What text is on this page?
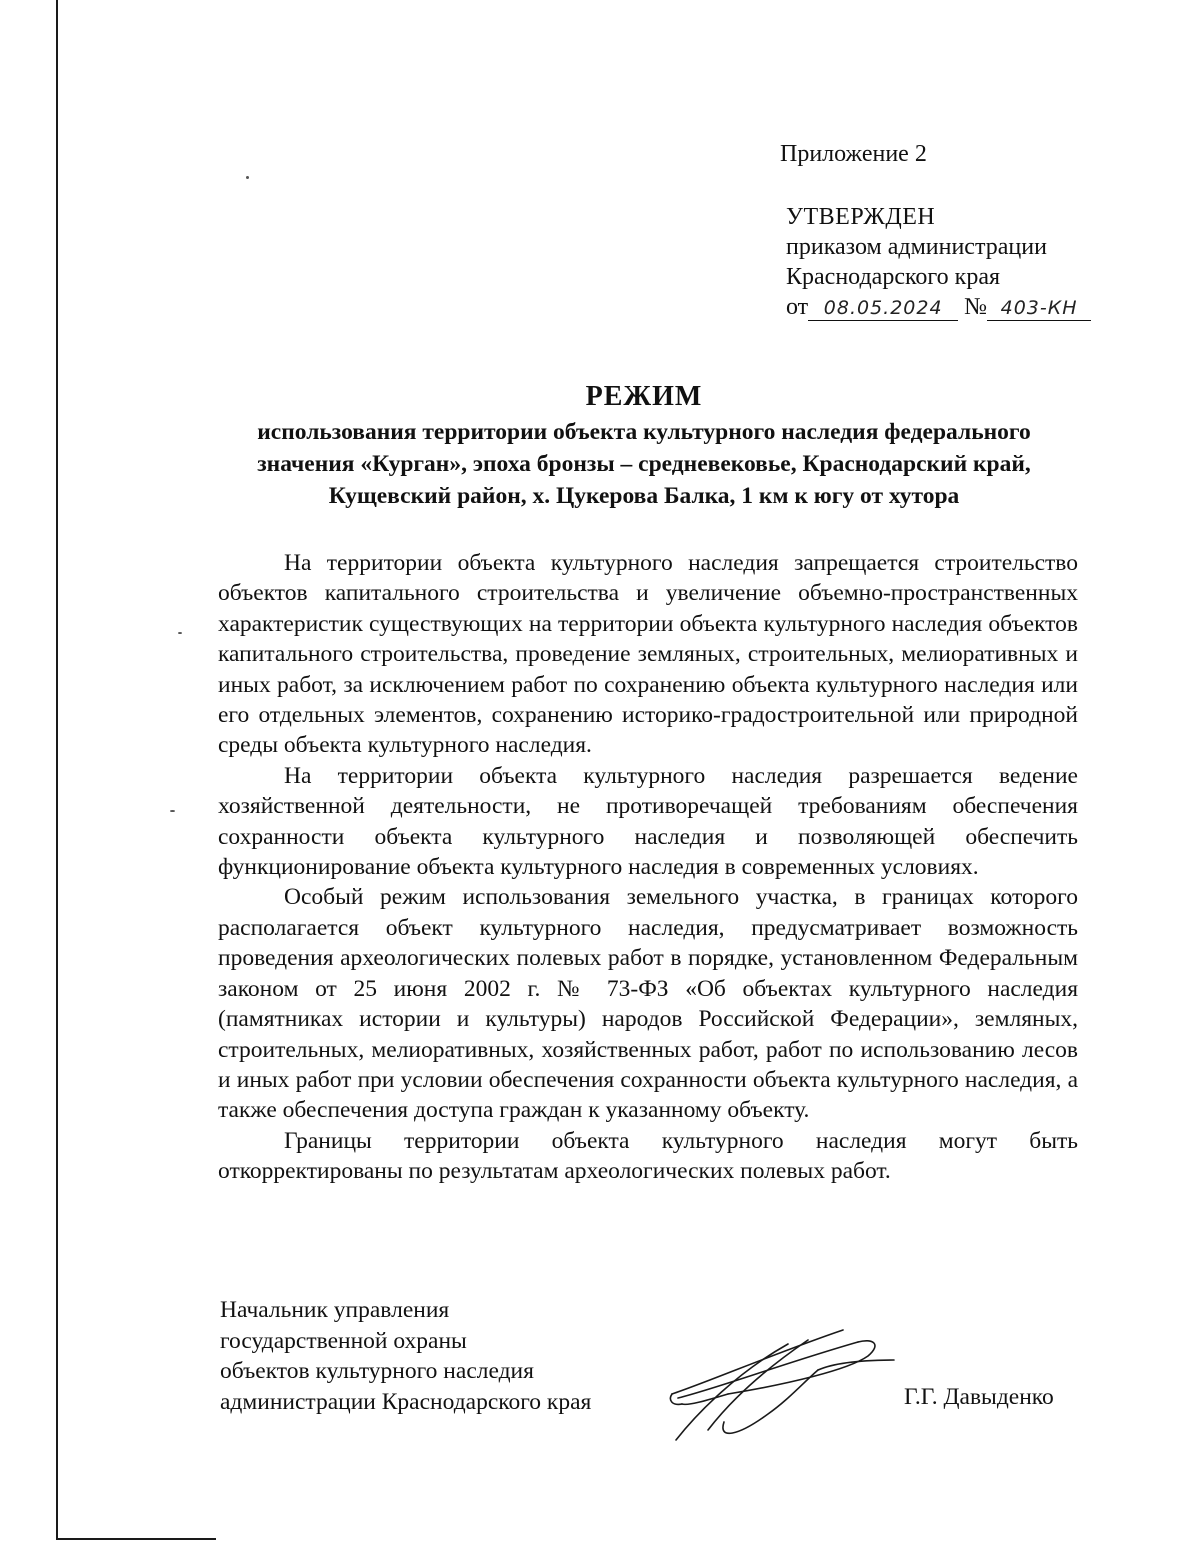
Приложение 2
УТВЕРЖДЕН
приказом администрации
Краснодарского края
от 08.05.2024 № 403-КН
РЕЖИМ
использования территории объекта культурного наследия федерального
значения «Курган», эпоха бронзы – средневековье, Краснодарский край,
Кущевский район, х. Цукерова Балка, 1 км к югу от хутора

На территории объекта культурного наследия запрещается строительство объектов капитального строительства и увеличение объемно-пространственных характеристик существующих на территории объекта культурного наследия объектов капитального строительства, проведение земляных, строительных, мелиоративных и иных работ, за исключением работ по сохранению объекта культурного наследия или его отдельных элементов, сохранению историко-градостроительной или природной среды объекта культурного наследия.

На территории объекта культурного наследия разрешается ведение хозяйственной деятельности, не противоречащей требованиям обеспечения сохранности объекта культурного наследия и позволяющей обеспечить функционирование объекта культурного наследия в современных условиях.

Особый режим использования земельного участка, в границах которого располагается объект культурного наследия, предусматривает возможность проведения археологических полевых работ в порядке, установленном Федеральным законом от 25 июня 2002 г. № 73-ФЗ «Об объектах культурного наследия (памятниках истории и культуры) народов Российской Федерации», земляных, строительных, мелиоративных, хозяйственных работ, работ по использованию лесов и иных работ при условии обеспечения сохранности объекта культурного наследия, а также обеспечения доступа граждан к указанному объекту.

Границы территории объекта культурного наследия могут быть откорректированы по результатам археологических полевых работ.

Начальник управления
государственной охраны
объектов культурного наследия
администрации Краснодарского края	Г.Г. Давыденко
